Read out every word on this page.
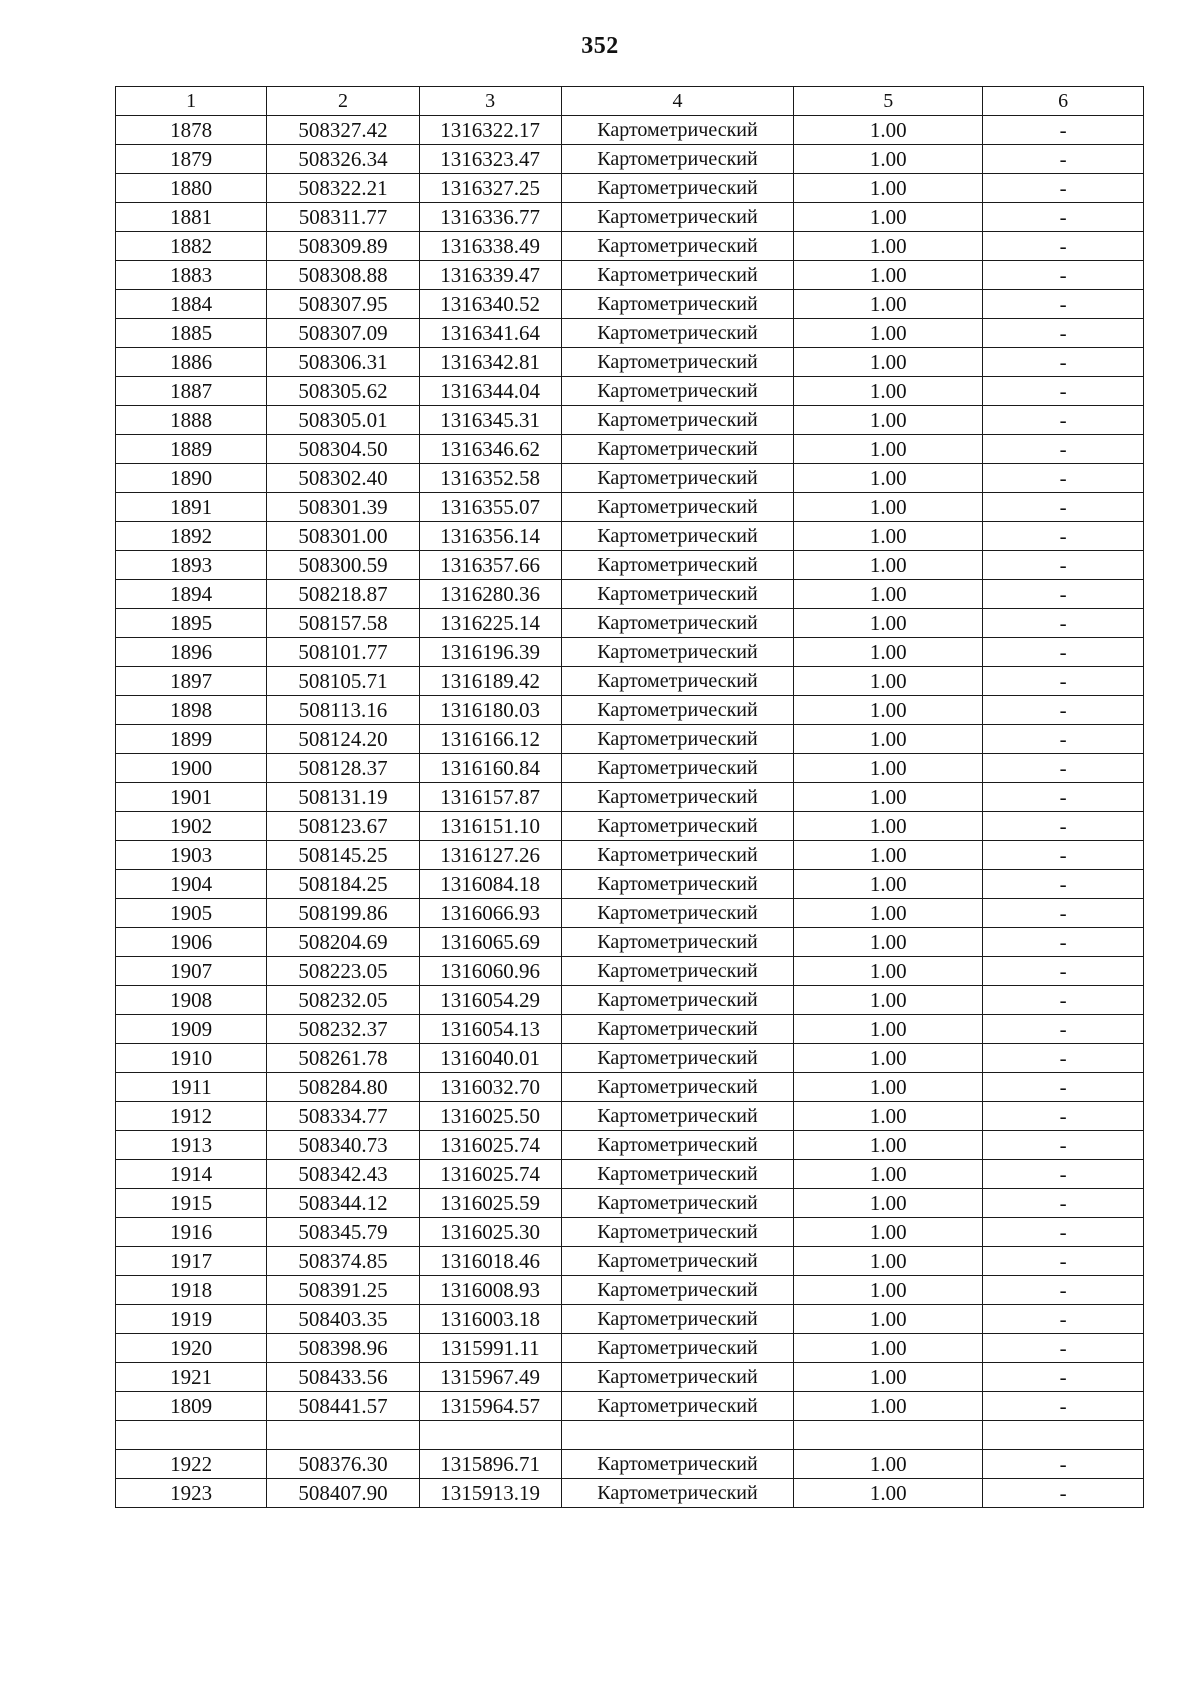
352
1	2	3	4	5	6
1878	508327.42	1316322.17	Картометрический	1.00	-
1879	508326.34	1316323.47	Картометрический	1.00	-
1880	508322.21	1316327.25	Картометрический	1.00	-
1881	508311.77	1316336.77	Картометрический	1.00	-
1882	508309.89	1316338.49	Картометрический	1.00	-
1883	508308.88	1316339.47	Картометрический	1.00	-
1884	508307.95	1316340.52	Картометрический	1.00	-
1885	508307.09	1316341.64	Картометрический	1.00	-
1886	508306.31	1316342.81	Картометрический	1.00	-
1887	508305.62	1316344.04	Картометрический	1.00	-
1888	508305.01	1316345.31	Картометрический	1.00	-
1889	508304.50	1316346.62	Картометрический	1.00	-
1890	508302.40	1316352.58	Картометрический	1.00	-
1891	508301.39	1316355.07	Картометрический	1.00	-
1892	508301.00	1316356.14	Картометрический	1.00	-
1893	508300.59	1316357.66	Картометрический	1.00	-
1894	508218.87	1316280.36	Картометрический	1.00	-
1895	508157.58	1316225.14	Картометрический	1.00	-
1896	508101.77	1316196.39	Картометрический	1.00	-
1897	508105.71	1316189.42	Картометрический	1.00	-
1898	508113.16	1316180.03	Картометрический	1.00	-
1899	508124.20	1316166.12	Картометрический	1.00	-
1900	508128.37	1316160.84	Картометрический	1.00	-
1901	508131.19	1316157.87	Картометрический	1.00	-
1902	508123.67	1316151.10	Картометрический	1.00	-
1903	508145.25	1316127.26	Картометрический	1.00	-
1904	508184.25	1316084.18	Картометрический	1.00	-
1905	508199.86	1316066.93	Картометрический	1.00	-
1906	508204.69	1316065.69	Картометрический	1.00	-
1907	508223.05	1316060.96	Картометрический	1.00	-
1908	508232.05	1316054.29	Картометрический	1.00	-
1909	508232.37	1316054.13	Картометрический	1.00	-
1910	508261.78	1316040.01	Картометрический	1.00	-
1911	508284.80	1316032.70	Картометрический	1.00	-
1912	508334.77	1316025.50	Картометрический	1.00	-
1913	508340.73	1316025.74	Картометрический	1.00	-
1914	508342.43	1316025.74	Картометрический	1.00	-
1915	508344.12	1316025.59	Картометрический	1.00	-
1916	508345.79	1316025.30	Картометрический	1.00	-
1917	508374.85	1316018.46	Картометрический	1.00	-
1918	508391.25	1316008.93	Картометрический	1.00	-
1919	508403.35	1316003.18	Картометрический	1.00	-
1920	508398.96	1315991.11	Картометрический	1.00	-
1921	508433.56	1315967.49	Картометрический	1.00	-
1809	508441.57	1315964.57	Картометрический	1.00	-

1922	508376.30	1315896.71	Картометрический	1.00	-
1923	508407.90	1315913.19	Картометрический	1.00	-
